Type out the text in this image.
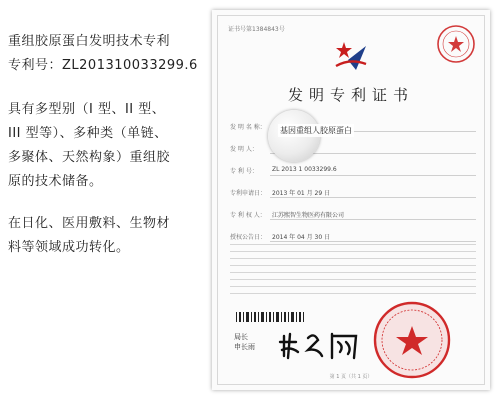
重组胶原蛋白发明技术专利

专利号：ZL201310033299.6

具有多型别（I 型、II 型、

III 型等）、多种类（单链、

多聚体、天然构象）重组胶

原的技术储备。

在日化、医用敷料、生物材

料等领域成功转化。

证书号第1384843号
发明专利证书
发 明 名 称：
发 明 人：
专 利 号：	ZL 2013 1 0033299.6
专利申请日： 2013 年 01 月 29 日
专 利 权 人：	江苏熙智生物医药有限公司
授权公告日： 2014 年 04 月 30 日
基因重组人胶原蛋白
局长
申长雨
第 1 页（共 1 页）
